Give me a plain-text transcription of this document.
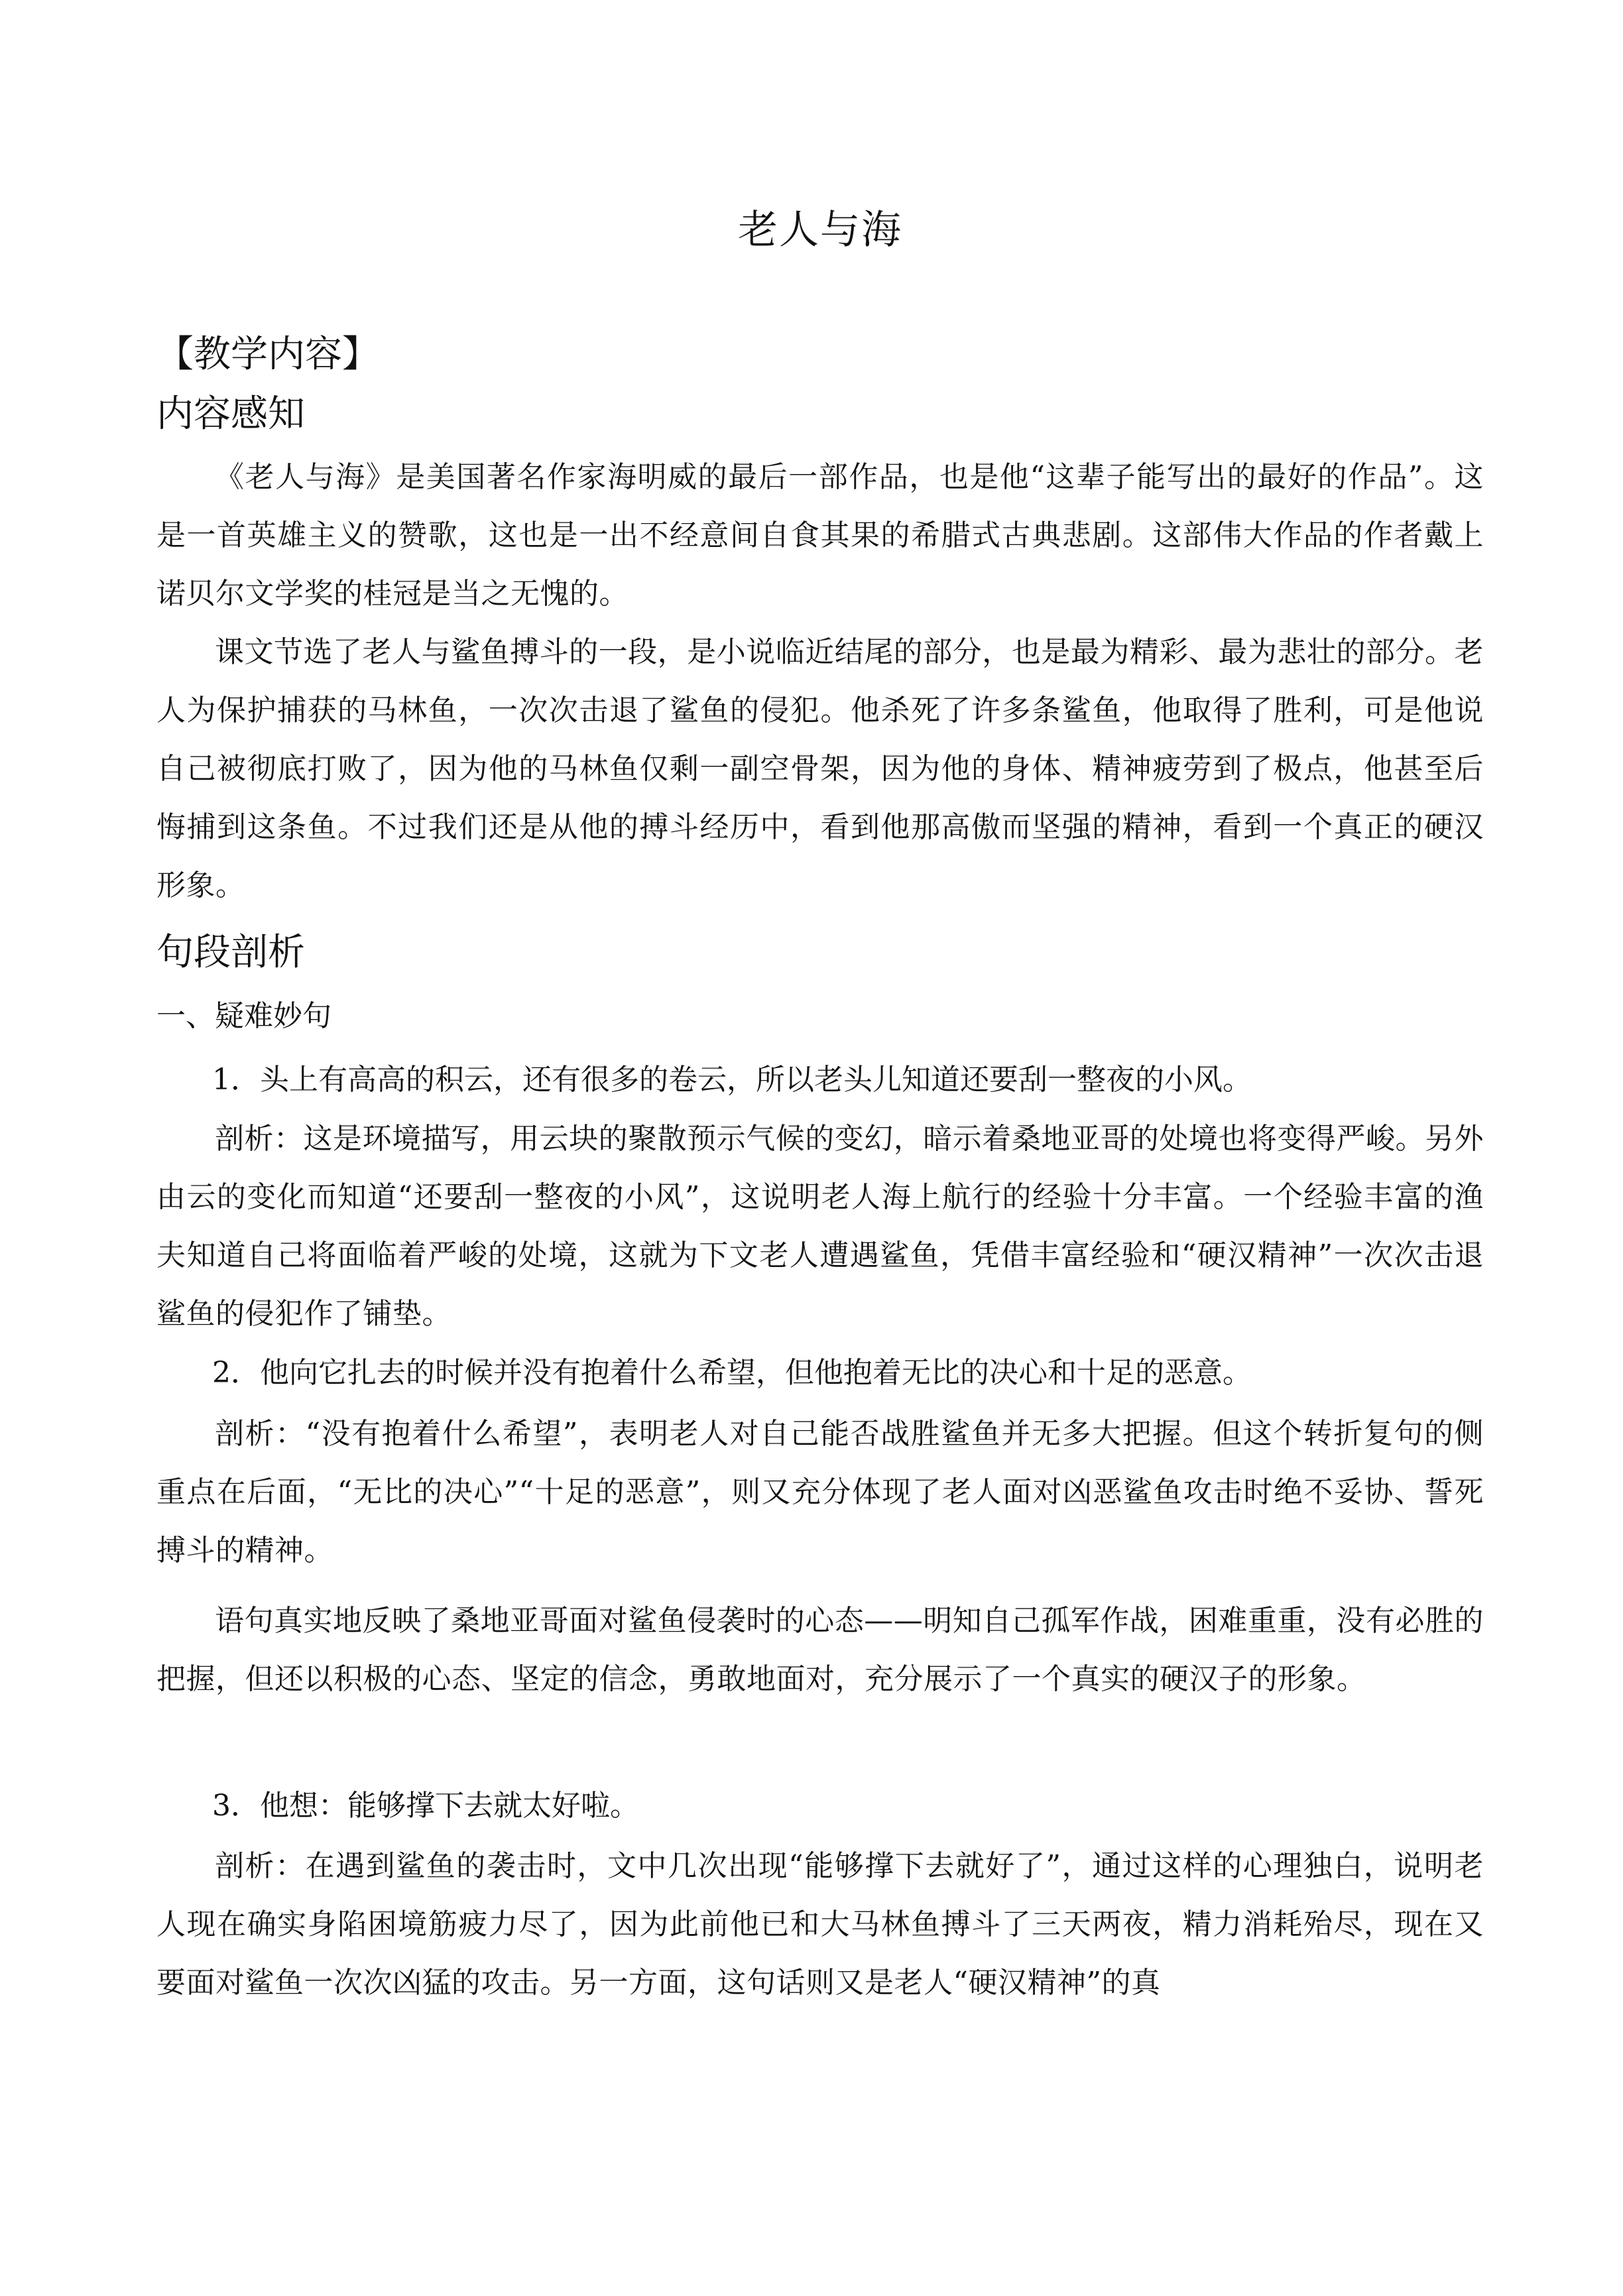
老人与海
【教学内容】
内容感知

《老人与海》是美国著名作家海明威的最后一部作品，也是他“这辈子能写出的最好的作品”。这是一首英雄主义的赞歌，这也是一出不经意间自食其果的希腊式古典悲剧。这部伟大作品的作者戴上诺贝尔文学奖的桂冠是当之无愧的。

课文节选了老人与鲨鱼搏斗的一段，是小说临近结尾的部分，也是最为精彩、最为悲壮的部分。老人为保护捕获的马林鱼，一次次击退了鲨鱼的侵犯。他杀死了许多条鲨鱼，他取得了胜利，可是他说自己被彻底打败了，因为他的马林鱼仅剩一副空骨架，因为他的身体、精神疲劳到了极点，他甚至后悔捕到这条鱼。不过我们还是从他的搏斗经历中，看到他那高傲而坚强的精神，看到一个真正的硬汉形象。

句段剖析
一、疑难妙句

1．头上有高高的积云，还有很多的卷云，所以老头儿知道还要刮一整夜的小风。

剖析：这是环境描写，用云块的聚散预示气候的变幻，暗示着桑地亚哥的处境也将变得严峻。另外由云的变化而知道“还要刮一整夜的小风”，这说明老人海上航行的经验十分丰富。一个经验丰富的渔夫知道自己将面临着严峻的处境，这就为下文老人遭遇鲨鱼，凭借丰富经验和“硬汉精神”一次次击退鲨鱼的侵犯作了铺垫。

2．他向它扎去的时候并没有抱着什么希望，但他抱着无比的决心和十足的恶意。

剖析：“没有抱着什么希望”，表明老人对自己能否战胜鲨鱼并无多大把握。但这个转折复句的侧重点在后面，“无比的决心”“十足的恶意”，则又充分体现了老人面对凶恶鲨鱼攻击时绝不妥协、誓死搏斗的精神。

语句真实地反映了桑地亚哥面对鲨鱼侵袭时的心态——明知自己孤军作战，困难重重，没有必胜的把握，但还以积极的心态、坚定的信念，勇敢地面对，充分展示了一个真实的硬汉子的形象。

3．他想：能够撑下去就太好啦。

剖析：在遇到鲨鱼的袭击时，文中几次出现“能够撑下去就好了”，通过这样的心理独白，说明老人现在确实身陷困境筋疲力尽了，因为此前他已和大马林鱼搏斗了三天两夜，精力消耗殆尽，现在又要面对鲨鱼一次次凶猛的攻击。另一方面，这句话则又是老人“硬汉精神”的真
